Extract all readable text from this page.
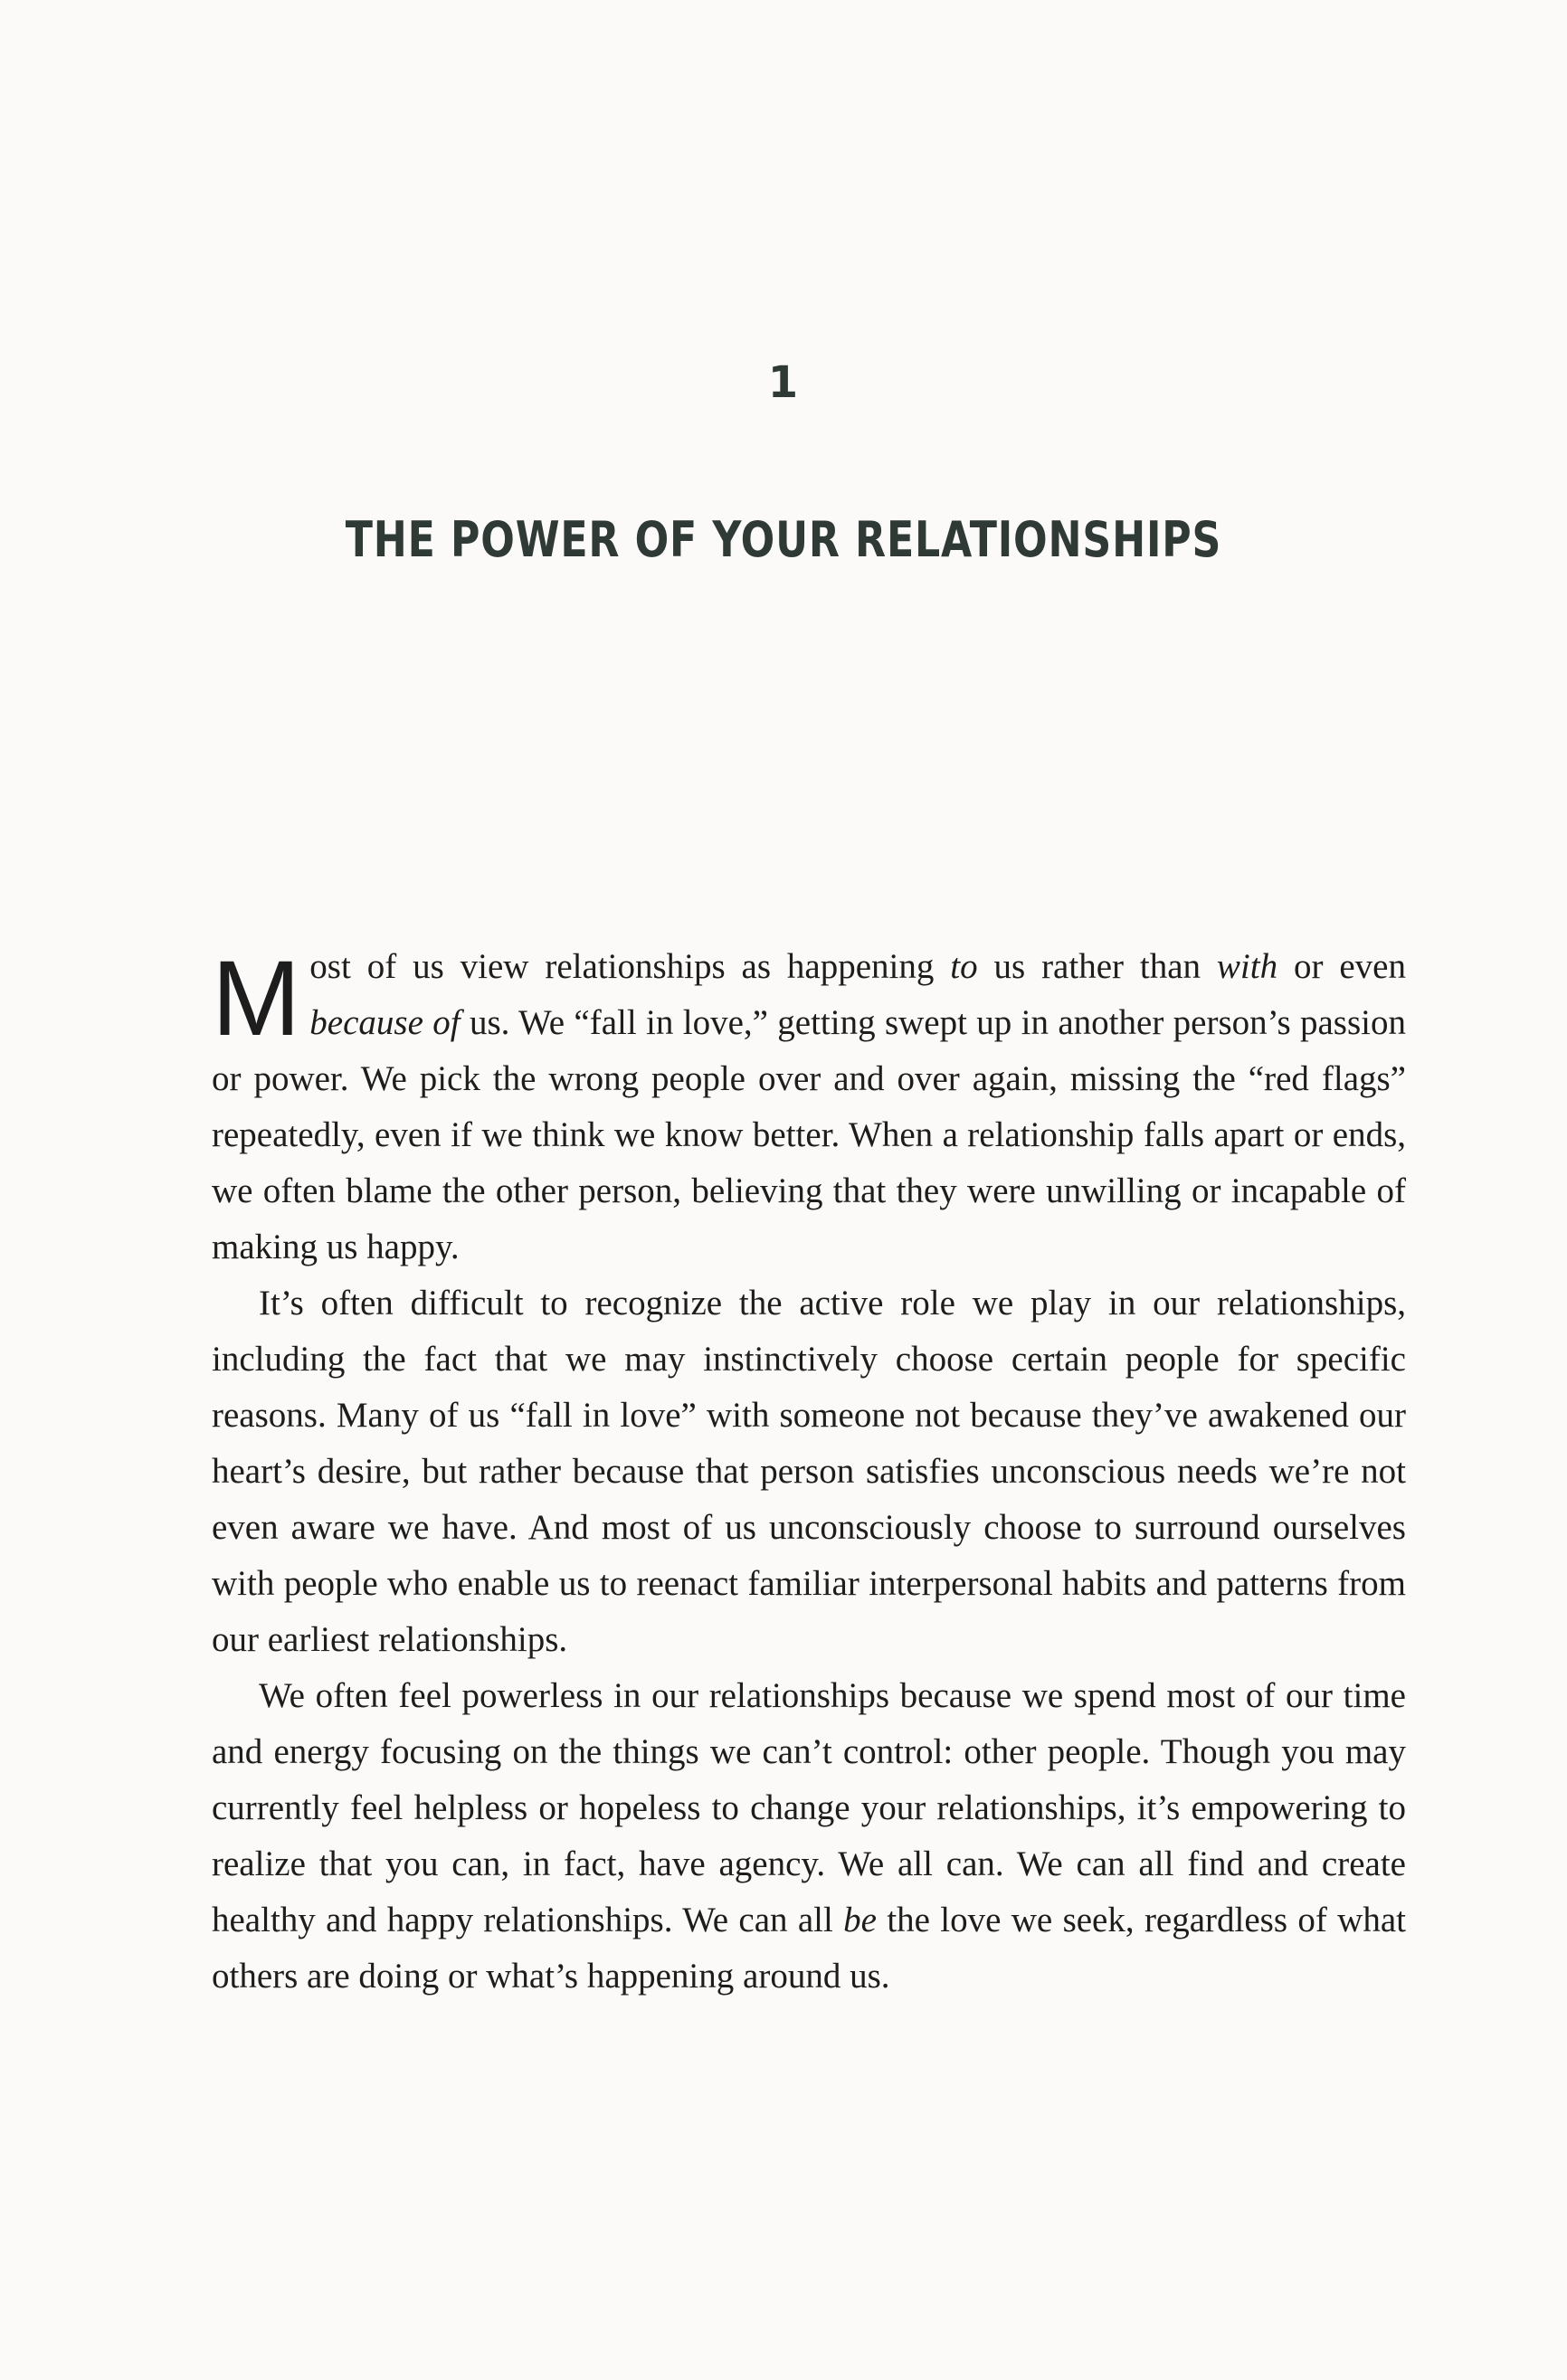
1
THE POWER OF YOUR RELATIONSHIPS

Most of us view relationships as happening to us rather than with or even because of us. We “fall in love,” getting swept up in another person’s passion or power. We pick the wrong people over and over again, missing the “red flags” repeatedly, even if we think we know better. When a relationship falls apart or ends, we often blame the other person, believing that they were unwilling or incapable of making us happy.

It’s often difficult to recognize the active role we play in our relationships, including the fact that we may instinctively choose certain people for specific reasons. Many of us “fall in love” with someone not because they’ve awakened our heart’s desire, but rather because that person satisfies unconscious needs we’re not even aware we have. And most of us unconsciously choose to surround ourselves with people who enable us to reenact familiar interpersonal habits and patterns from our earliest relationships.

We often feel powerless in our relationships because we spend most of our time and energy focusing on the things we can’t control: other people. Though you may currently feel helpless or hopeless to change your relationships, it’s empowering to realize that you can, in fact, have agency. We all can. We can all find and create healthy and happy relationships. We can all be the love we seek, regardless of what others are doing or what’s happening around us.
